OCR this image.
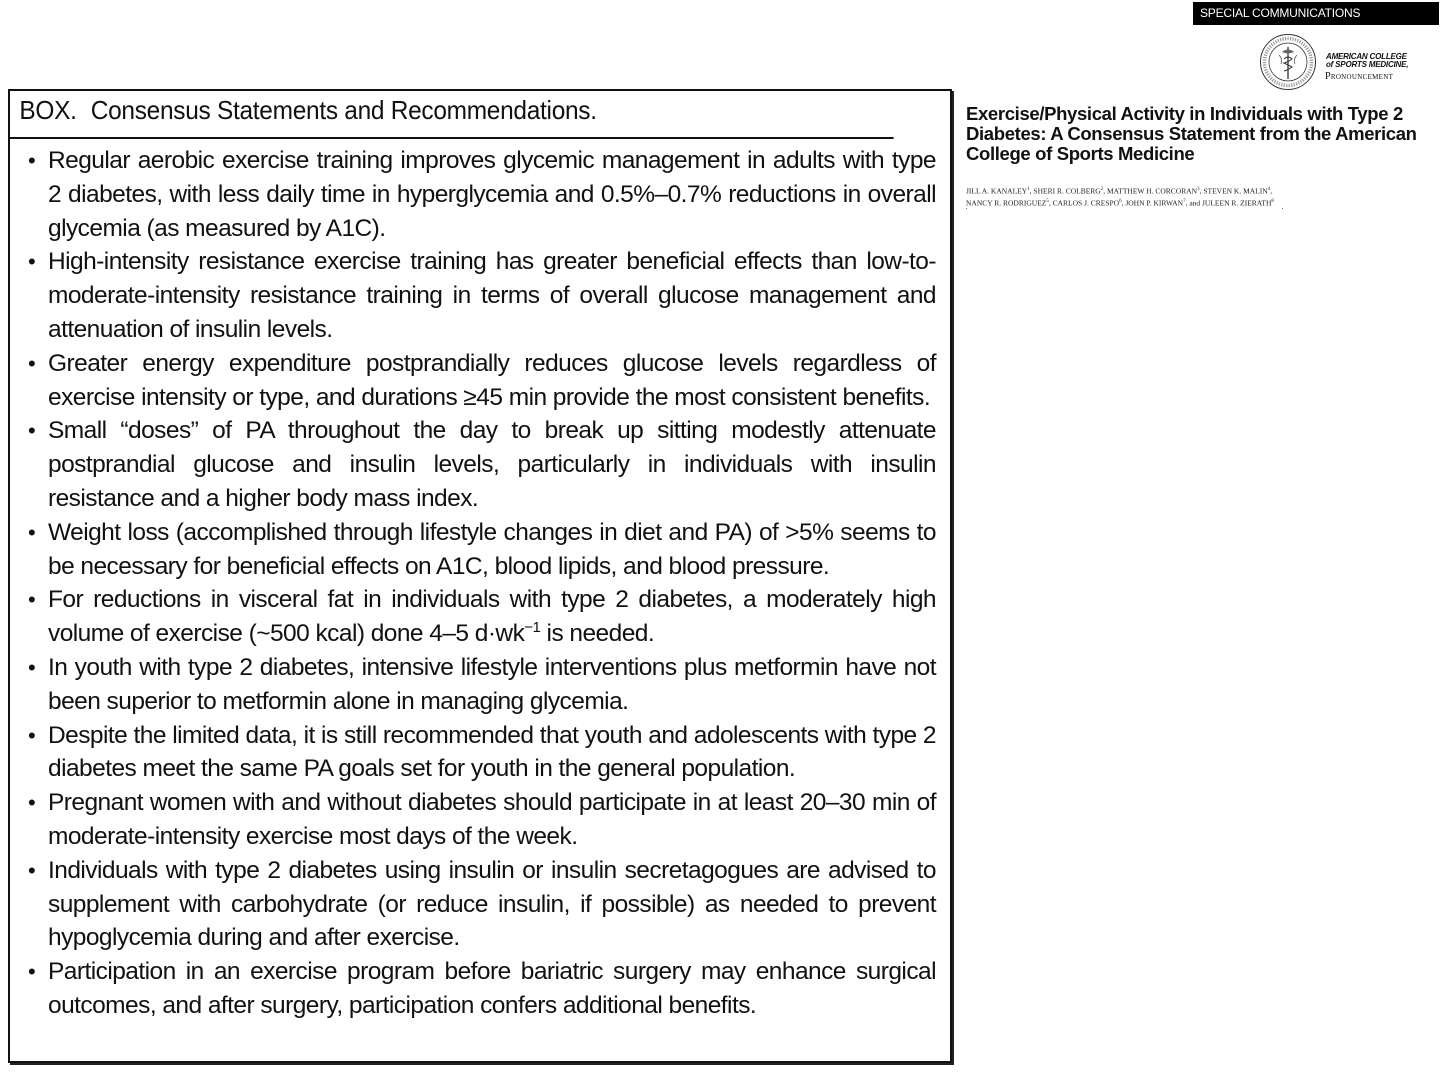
BOX. Consensus Statements and Recommendations.
• Regular aerobic exercise training improves glycemic management in adults with type 2 diabetes, with less daily time in hyperglycemia and 0.5%–0.7% reductions in overall glycemia (as measured by A1C).
• High-intensity resistance exercise training has greater beneficial effects than low-to-moderate-intensity resistance training in terms of overall glucose management and attenuation of insulin levels.
• Greater energy expenditure postprandially reduces glucose levels regardless of exercise intensity or type, and durations ≥45 min provide the most consistent benefits.
• Small “doses” of PA throughout the day to break up sitting modestly attenuate postprandial glucose and insulin levels, particularly in individuals with insulin resistance and a higher body mass index.
• Weight loss (accomplished through lifestyle changes in diet and PA) of >5% seems to be necessary for beneficial effects on A1C, blood lipids, and blood pressure.
• For reductions in visceral fat in individuals with type 2 diabetes, a moderately high volume of exercise (~500 kcal) done 4–5 $d\cdot wk^{-1}$ is needed.
• In youth with type 2 diabetes, intensive lifestyle interventions plus metformin have not been superior to metformin alone in managing glycemia.
• Despite the limited data, it is still recommended that youth and adolescents with type 2 diabetes meet the same PA goals set for youth in the general population.
• Pregnant women with and without diabetes should participate in at least 20–30 min of moderate-intensity exercise most days of the week.
• Individuals with type 2 diabetes using insulin or insulin secretagogues are advised to supplement with carbohydrate (or reduce insulin, if possible) as needed to prevent hypoglycemia during and after exercise.
• Participation in an exercise program before bariatric surgery may enhance surgical outcomes, and after surgery, participation confers additional benefits.
SPECIAL COMMUNICATIONS
AMERICAN COLLEGE
of SPORTS MEDICINE,
Pronouncement
Exercise/Physical Activity in Individuals with Type 2 Diabetes: A Consensus Statement from the American College of Sports Medicine
JILL A. KANALEY$^1$, SHERI R. COLBERG$^2$, MATTHEW H. CORCORAN$^3$, STEVEN K. MALIN$^4$,
NANCY R. RODRIGUEZ$^5$, CARLOS J. CRESPO$^6$, JOHN P. KIRWAN$^7$, and JULEEN R. ZIERATH$^8$
